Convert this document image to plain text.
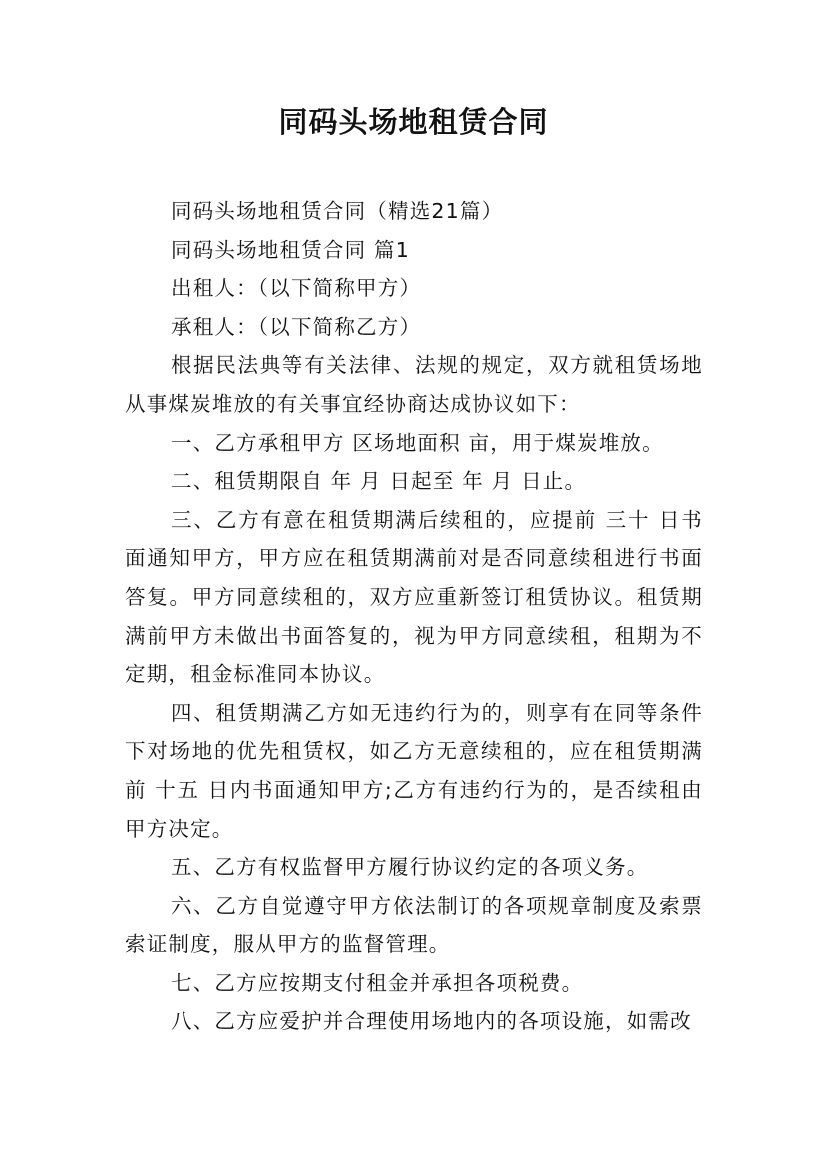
同码头场地租赁合同

同码头场地租赁合同（精选21篇）

同码头场地租赁合同 篇1

出租人：（以下简称甲方）

承租人：（以下简称乙方）

根据民法典等有关法律、法规的规定，双方就租赁场地从事煤炭堆放的有关事宜经协商达成协议如下：

一、乙方承租甲方 区场地面积 亩，用于煤炭堆放。

二、租赁期限自 年 月 日起至 年 月 日止。

三、乙方有意在租赁期满后续租的，应提前 三十 日书面通知甲方，甲方应在租赁期满前对是否同意续租进行书面答复。甲方同意续租的，双方应重新签订租赁协议。租赁期满前甲方未做出书面答复的，视为甲方同意续租，租期为不定期，租金标准同本协议。

四、租赁期满乙方如无违约行为的，则享有在同等条件下对场地的优先租赁权，如乙方无意续租的，应在租赁期满前 十五 日内书面通知甲方;乙方有违约行为的，是否续租由甲方决定。

五、乙方有权监督甲方履行协议约定的各项义务。

六、乙方自觉遵守甲方依法制订的各项规章制度及索票索证制度，服从甲方的监督管理。

七、乙方应按期支付租金并承担各项税费。

八、乙方应爱护并合理使用场地内的各项设施，如需改
